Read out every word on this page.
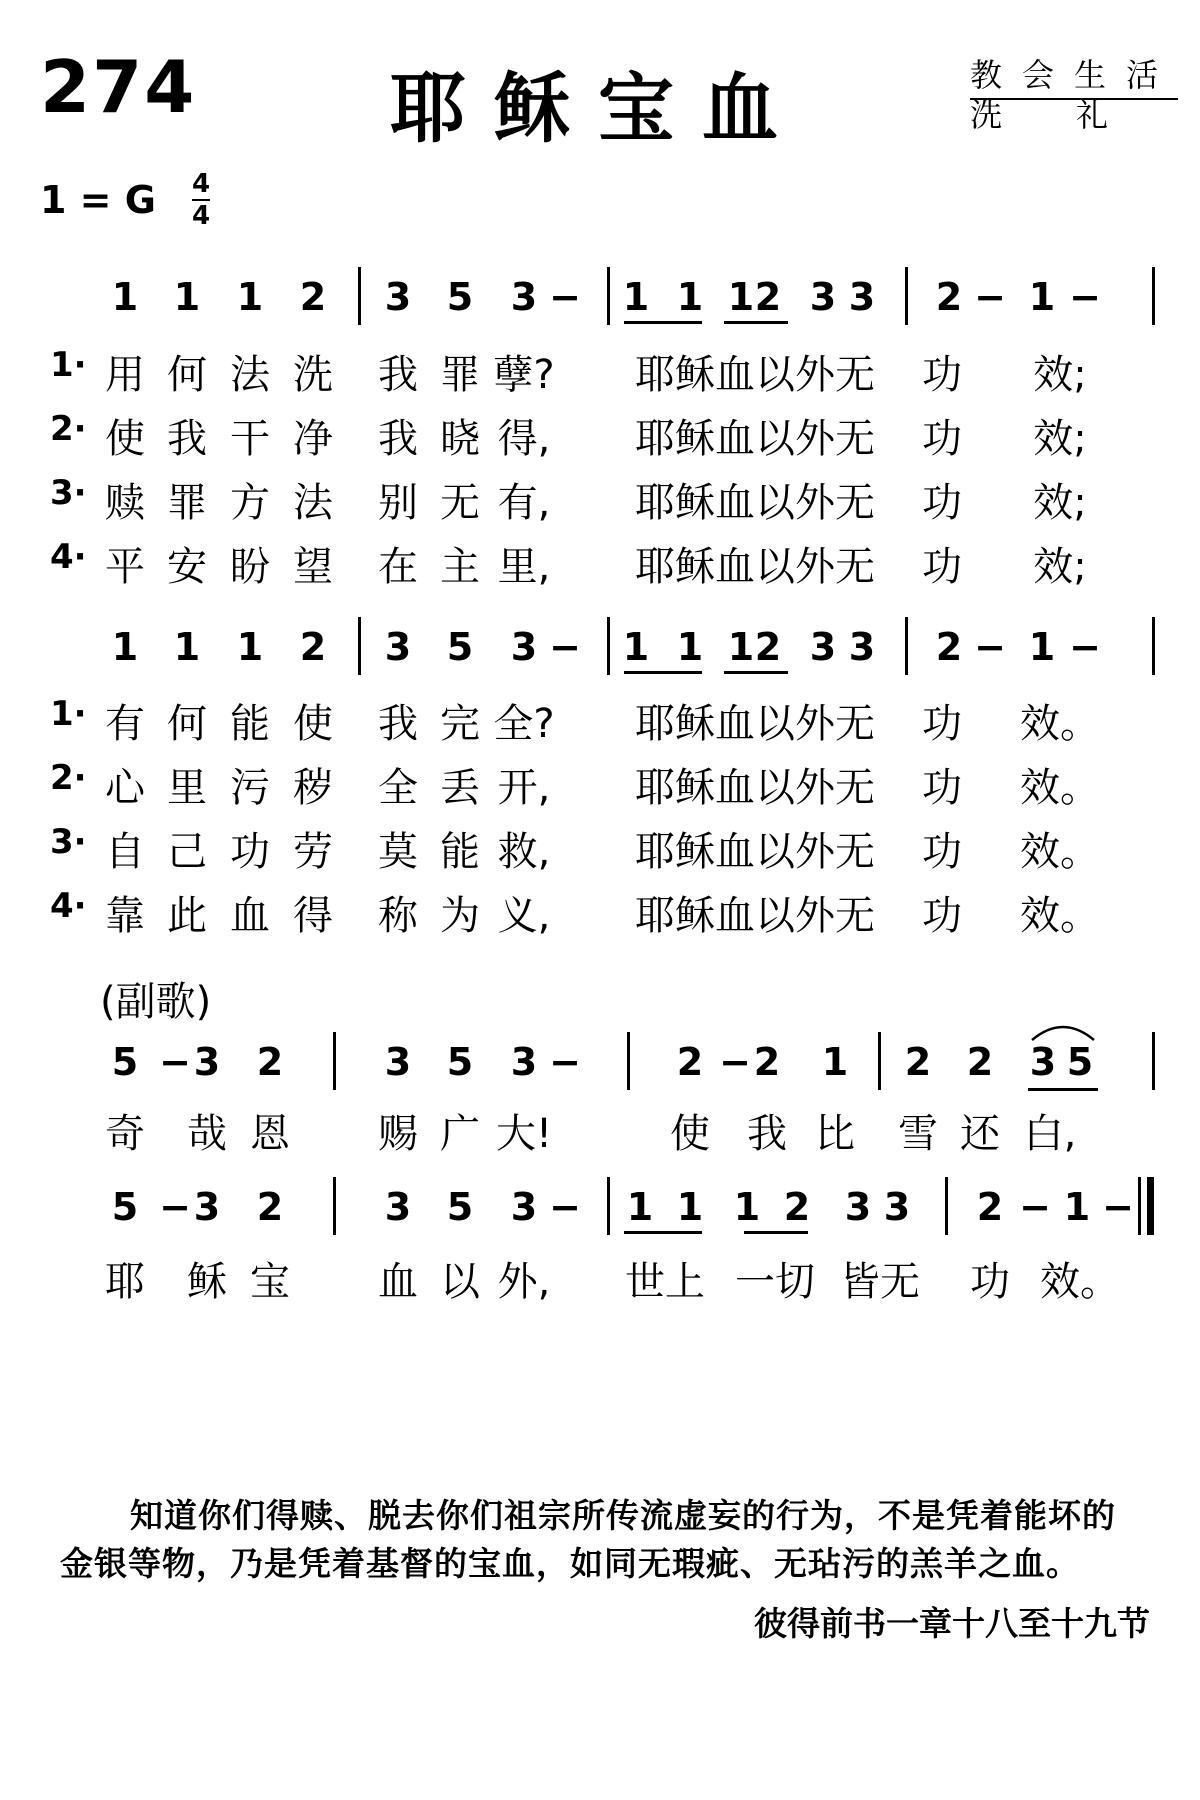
274	耶稣宝血	教会生活
洗 礼
1 = G 4
4
1 1 1 2 3 5 3 − 1 1 1 2 3 3 2 − 1 −
1 1 1 2 3 5 3 − 1 1 1 2 3 3 2 − 1 −
1· 用 何 法 洗 我 罪 孽? 耶稣血以外无 功 效;
2· 使 我 干 净 我 晓 得, 耶稣血以外无 功 效;
3· 赎 罪 方 法 别 无 有, 耶稣血以外无 功 效;
4· 平 安 盼 望 在 主 里, 耶稣血以外无 功 效;
1· 有 何 能 使 我 完 全? 耶稣血以外无 功 效。
2· 心 里 污 秽 全 丢 开, 耶稣血以外无 功 效。
3· 自 己 功 劳 莫 能 救, 耶稣血以外无 功 效。
4· 靠 此 血 得 称 为 义, 耶稣血以外无 功 效。
5 − 3 2	3 5 3 −	2 − 2 1 2 2 3 5
奇 哉 恩 赐 广 大!	使 我 比 雪 还 白,
5 − 3 2	3 5 3 − 1 1 1 2 3 3 2 − 1 −
耶 稣 宝 血 以 外, 世上 一切 皆无 功 效。
(副歌)
知道你们得赎、脱去你们祖宗所传流虚妄的行为，不是凭着能坏的
金银等物，乃是凭着基督的宝血，如同无瑕疵、无玷污的羔羊之血。
彼得前书一章十八至十九节
